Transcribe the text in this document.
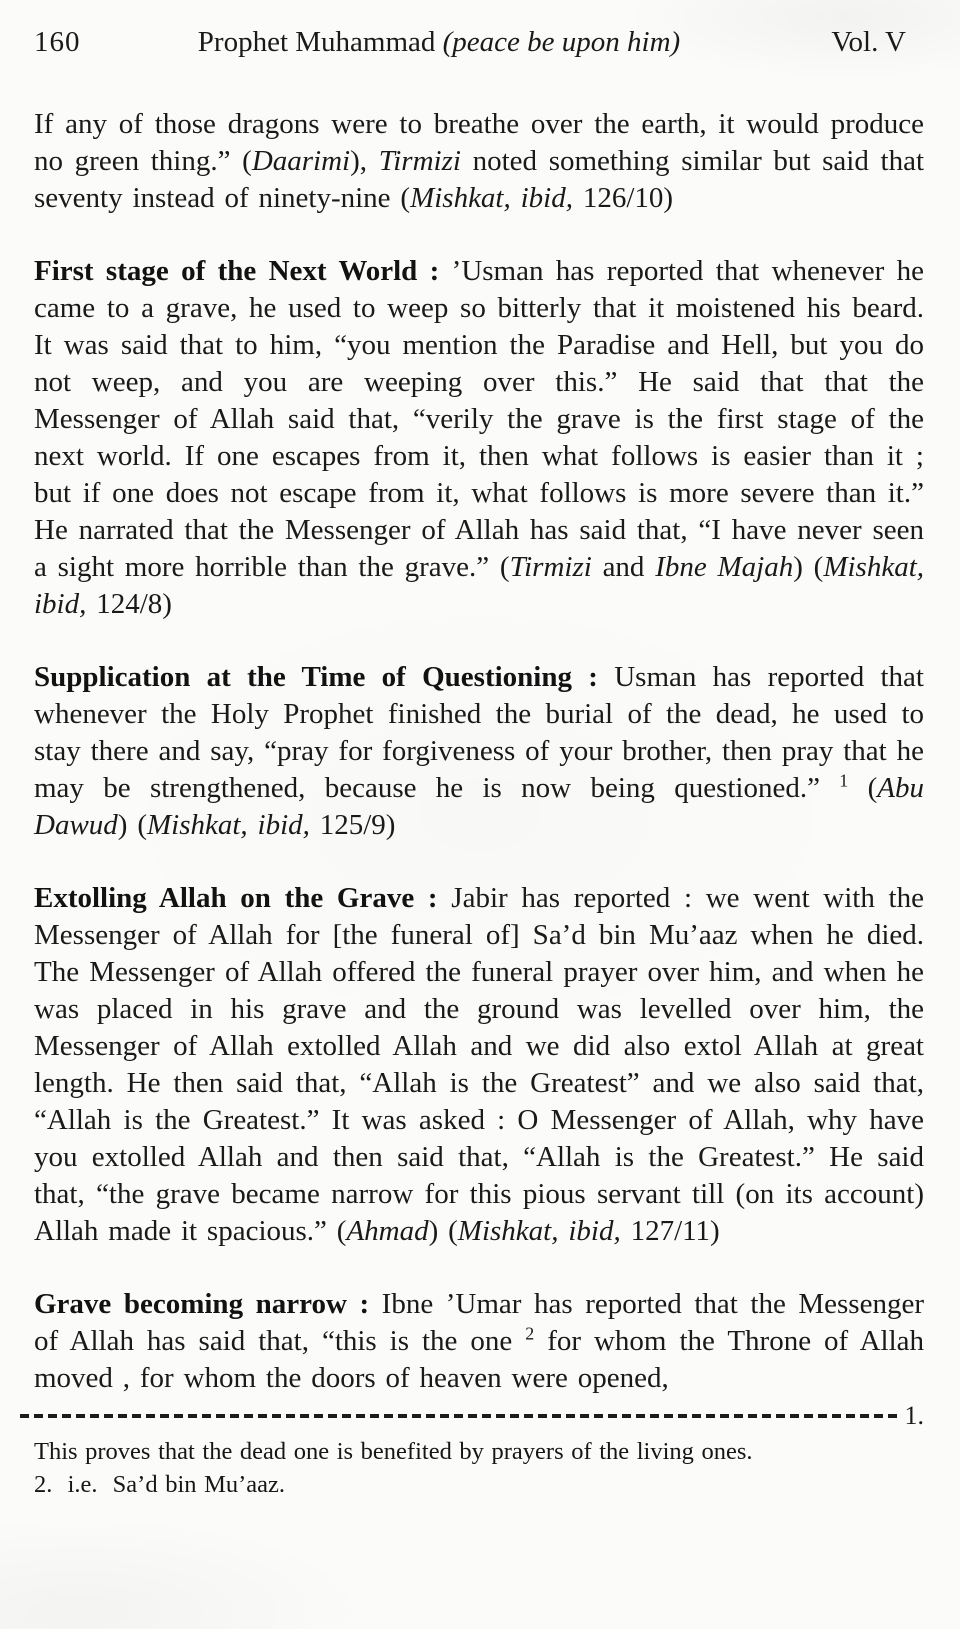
160	Prophet Muhammad (peace be upon him)	Vol. V

If any of those dragons were to breathe over the earth, it would produce no green thing.” (Daarimi), Tirmizi noted something similar but said that seventy instead of ninety-nine (Mishkat, ibid, 126/10)

First stage of the Next World : ’Usman has reported that whenever he came to a grave, he used to weep so bitterly that it moistened his beard. It was said that to him, “you mention the Paradise and Hell, but you do not weep, and you are weeping over this.” He said that that the Messenger of Allah said that, “verily the grave is the first stage of the next world. If one escapes from it, then what follows is easier than it ; but if one does not escape from it, what follows is more severe than it.” He narrated that the Messenger of Allah has said that, “I have never seen a sight more horrible than the grave.” (Tirmizi and Ibne Majah) (Mishkat, ibid, 124/8)

Supplication at the Time of Questioning : Usman has reported that whenever the Holy Prophet finished the burial of the dead, he used to stay there and say, “pray for forgiveness of your brother, then pray that he may be strengthened, because he is now being questioned.” $^1$ (Abu Dawud) (Mishkat, ibid, 125/9)

Extolling Allah on the Grave : Jabir has reported : we went with the Messenger of Allah for [the funeral of] Sa’d bin Mu’aaz when he died. The Messenger of Allah offered the funeral prayer over him, and when he was placed in his grave and the ground was levelled over him, the Messenger of Allah extolled Allah and we did also extol Allah at great length. He then said that, “Allah is the Greatest” and we also said that, “Allah is the Greatest.” It was asked : O Messenger of Allah, why have you extolled Allah and then said that, “Allah is the Greatest.” He said that, “the grave became narrow for this pious servant till (on its account) Allah made it spacious.” (Ahmad) (Mishkat, ibid, 127/11)

Grave becoming narrow : Ibne ’Umar has reported that the Messenger of Allah has said that, “this is the one $^2$ for whom the Throne of Allah moved , for whom the doors of heaven were opened,

1.
This proves that the dead one is benefited by prayers of the living ones.
2.  i.e.  Sa’d bin Mu’aaz.
